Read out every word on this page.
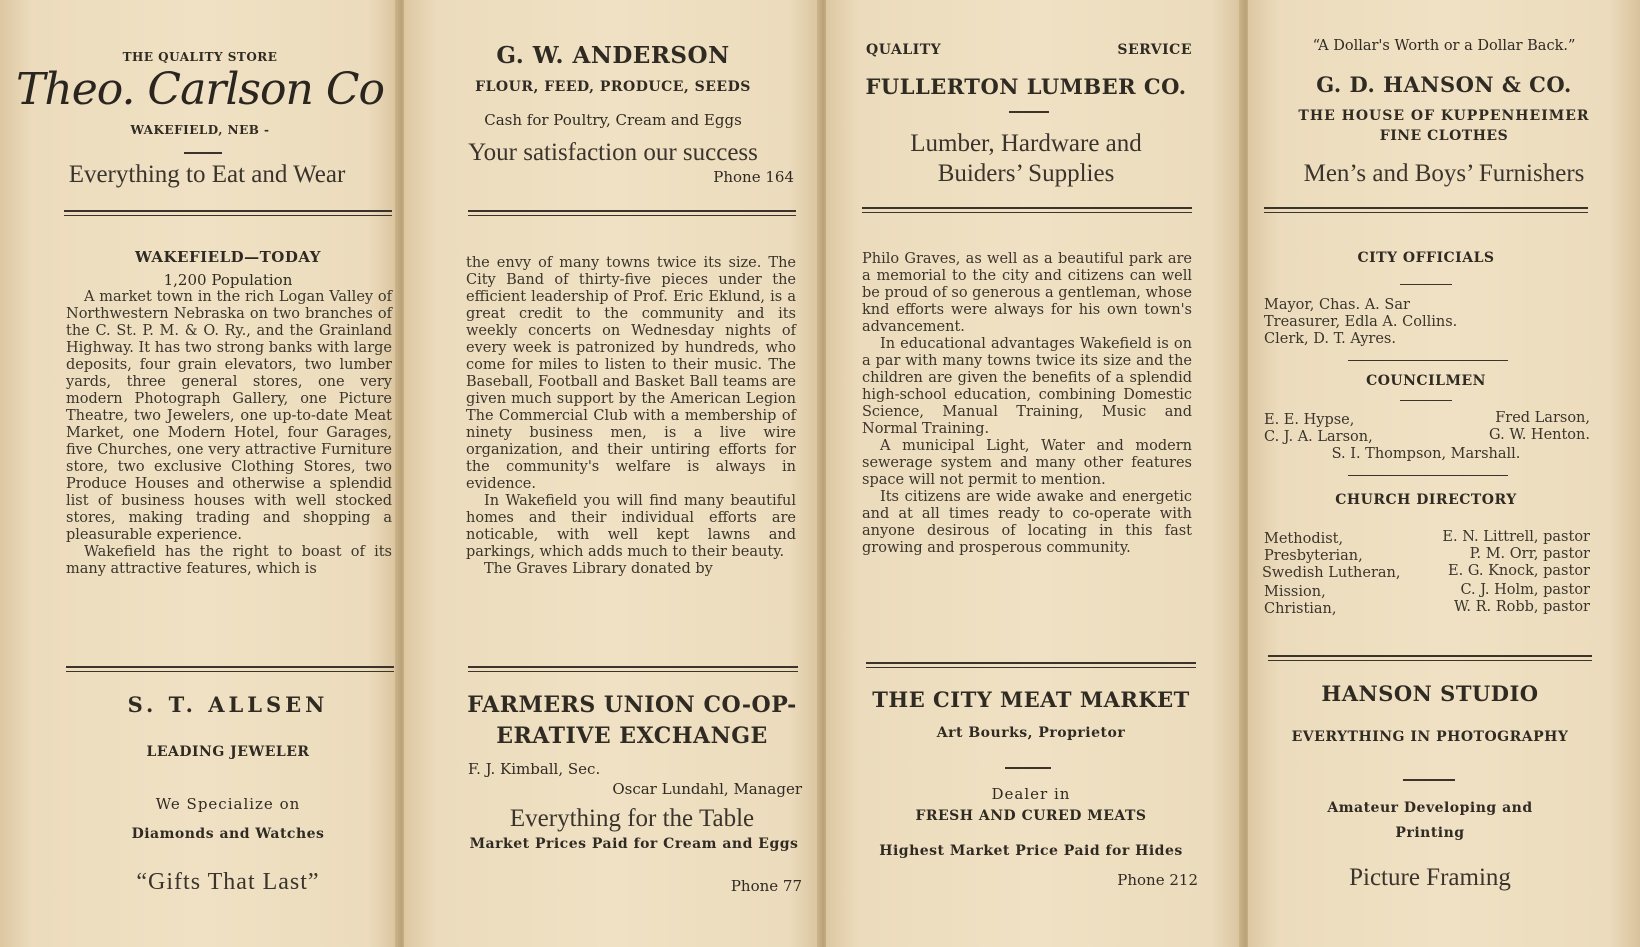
THE QUALITY STORE
Theo. Carlson Co
WAKEFIELD, NEB -
Everything to Eat and Wear
WAKEFIELD—TODAY
1,200 Population

A market town in the rich Logan Valley of Northwestern Nebraska on two branches of the C. St. P. M. & O. Ry., and the Grainland Highway. It has two strong banks with large deposits, four grain elevators, two lumber yards, three general stores, one very modern Photograph Gallery, one Picture Theatre, two Jewelers, one up-to-date Meat Market, one Modern Hotel, four Garages, five Churches, one very attractive Furniture store, two exclusive Clothing Stores, two Produce Houses and otherwise a splendid list of business houses with well stocked stores, making trading and shopping a pleasurable experience.

Wakefield has the right to boast of its many attractive features, which is

S. T. ALLSEN
LEADING JEWELER
We Specialize on
Diamonds and Watches
“Gifts That Last”
G. W. ANDERSON
FLOUR, FEED, PRODUCE, SEEDS
Cash for Poultry, Cream and Eggs
Your satisfaction our success
Phone 164

the envy of many towns twice its size. The City Band of thirty-five pieces under the efficient leadership of Prof. Eric Eklund, is a great credit to the community and its weekly concerts on Wednesday nights of every week is patronized by hundreds, who come for miles to listen to their music. The Baseball, Football and Basket Ball teams are given much support by the American Legion The Commercial Club with a membership of ninety business men, is a live wire organization, and their untiring efforts for the community's welfare is always in evidence.

In Wakefield you will find many beautiful homes and their individual efforts are noticable, with well kept lawns and parkings, which adds much to their beauty.

The Graves Library donated by

FARMERS UNION CO-OP-
ERATIVE EXCHANGE
F. J. Kimball, Sec.
Oscar Lundahl, Manager
Everything for the Table
Market Prices Paid for Cream and Eggs
Phone 77
QUALITY	SERVICE
FULLERTON LUMBER CO.
Lumber, Hardware and
Buiders’ Supplies

Philo Graves, as well as a beautiful park are a memorial to the city and citizens can well be proud of so generous a gentleman, whose knd efforts were always for his own town's advancement.

In educational advantages Wakefield is on a par with many towns twice its size and the children are given the benefits of a splendid high-school education, combining Domestic Science, Manual Training, Music and Normal Training.

A municipal Light, Water and modern sewerage system and many other features space will not permit to mention.

Its citizens are wide awake and energetic and at all times ready to co-operate with anyone desirous of locating in this fast growing and prosperous community.

THE CITY MEAT MARKET
Art Bourks, Proprietor
Dealer in
FRESH AND CURED MEATS
Highest Market Price Paid for Hides
Phone 212
“A Dollar's Worth or a Dollar Back.”
G. D. HANSON & CO.
THE HOUSE OF KUPPENHEIMER
FINE CLOTHES
Men’s and Boys’ Furnishers
CITY OFFICIALS
Mayor, Chas. A. Sar
Treasurer, Edla A. Collins.
Clerk, D. T. Ayres.
COUNCILMEN
E. E. Hypse,	Fred Larson,
C. J. A. Larson,	G. W. Henton.
S. I. Thompson, Marshall.
CHURCH DIRECTORY
Methodist,	E. N. Littrell, pastor
Presbyterian,	P. M. Orr, pastor
Swedish Lutheran,	E. G. Knock, pastor
Mission,	C. J. Holm, pastor
Christian,	W. R. Robb, pastor
HANSON STUDIO
EVERYTHING IN PHOTOGRAPHY
Amateur Developing and
Printing
Picture Framing
